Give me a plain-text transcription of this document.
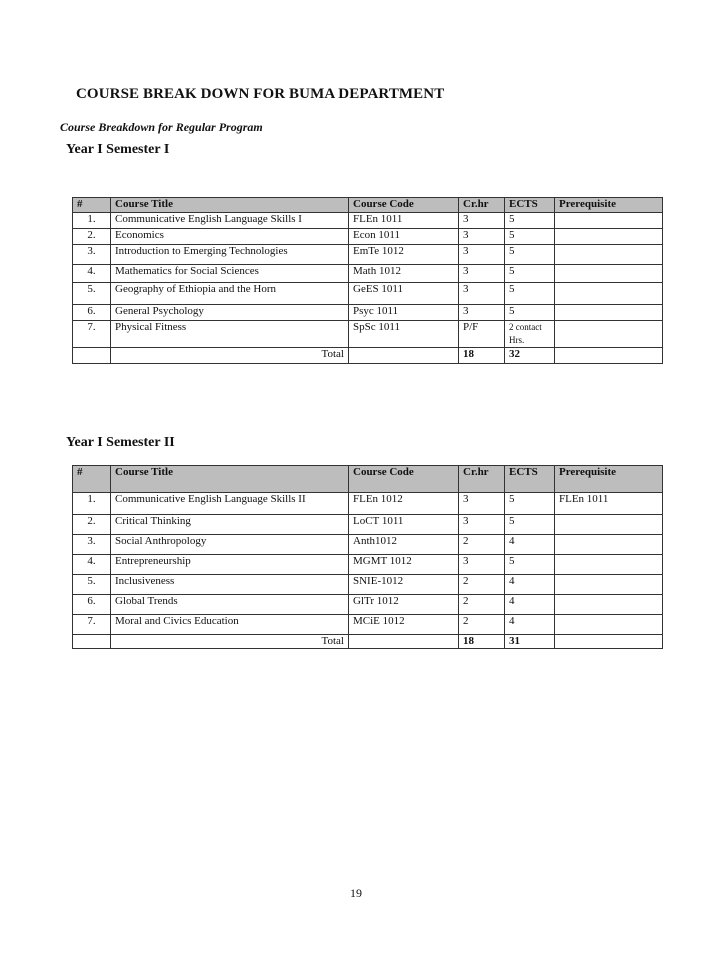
COURSE BREAK DOWN FOR BUMA DEPARTMENT
Course Breakdown for Regular Program
Year I Semester I
#	Course Title	Course Code	Cr.hr	ECTS	Prerequisite
1.	Communicative English Language Skills I	FLEn 1011	3	5	
2.	Economics	Econ 1011	3	5	
3.	Introduction to Emerging Technologies	EmTe 1012	3	5	
4.	Mathematics for Social Sciences	Math 1012	3	5	
5.	Geography of Ethiopia and the Horn	GeES 1011	3	5	
6.	General Psychology	Psyc 1011	3	5	
7.	Physical Fitness	SpSc 1011	P/F	2 contact Hrs.	
	Total		18	32	
Year I Semester II
#	Course Title	Course Code	Cr.hr	ECTS	Prerequisite
1.	Communicative English Language Skills II	FLEn 1012	3	5	FLEn 1011
2.	Critical Thinking	LoCT 1011	3	5	
3.	Social Anthropology	Anth1012	2	4	
4.	Entrepreneurship	MGMT 1012	3	5	
5.	Inclusiveness	SNIE-1012	2	4	
6.	Global Trends	GlTr 1012	2	4	
7.	Moral and Civics Education	MCiE 1012	2	4	
	Total		18	31	
19
